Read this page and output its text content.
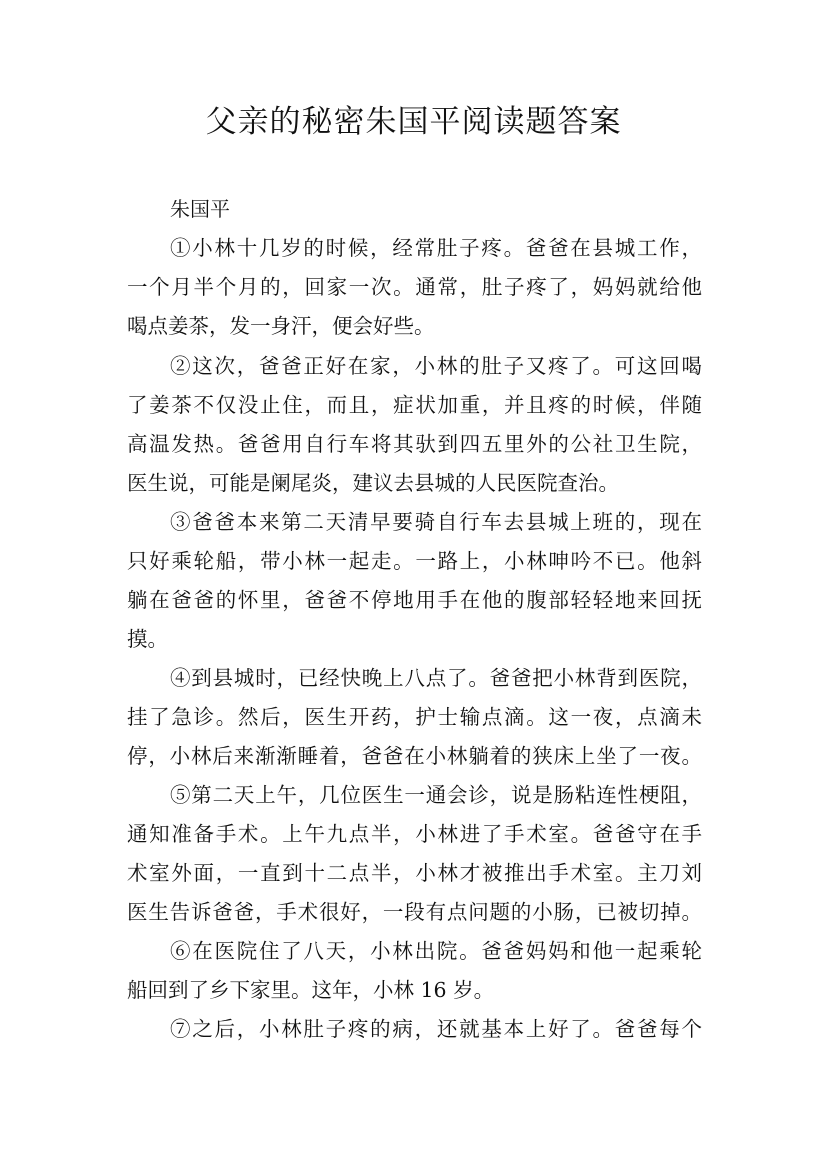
父亲的秘密朱国平阅读题答案
朱国平
①小林十几岁的时候，经常肚子疼。爸爸在县城工作，
一个月半个月的，回家一次。通常，肚子疼了，妈妈就给他
喝点姜茶，发一身汗，便会好些。
②这次，爸爸正好在家，小林的肚子又疼了。可这回喝
了姜茶不仅没止住，而且，症状加重，并且疼的时候，伴随
高温发热。爸爸用自行车将其驮到四五里外的公社卫生院，
医生说，可能是阑尾炎，建议去县城的人民医院查治。
③爸爸本来第二天清早要骑自行车去县城上班的，现在
只好乘轮船，带小林一起走。一路上，小林呻吟不已。他斜
躺在爸爸的怀里，爸爸不停地用手在他的腹部轻轻地来回抚
摸。
④到县城时，已经快晚上八点了。爸爸把小林背到医院，
挂了急诊。然后，医生开药，护士输点滴。这一夜，点滴未
停，小林后来渐渐睡着，爸爸在小林躺着的狭床上坐了一夜。
⑤第二天上午，几位医生一通会诊，说是肠粘连性梗阻，
通知准备手术。上午九点半，小林进了手术室。爸爸守在手
术室外面，一直到十二点半，小林才被推出手术室。主刀刘
医生告诉爸爸，手术很好，一段有点问题的小肠，已被切掉。
⑥在医院住了八天，小林出院。爸爸妈妈和他一起乘轮
船回到了乡下家里。这年，小林 16 岁。
⑦之后，小林肚子疼的病，还就基本上好了。爸爸每个
